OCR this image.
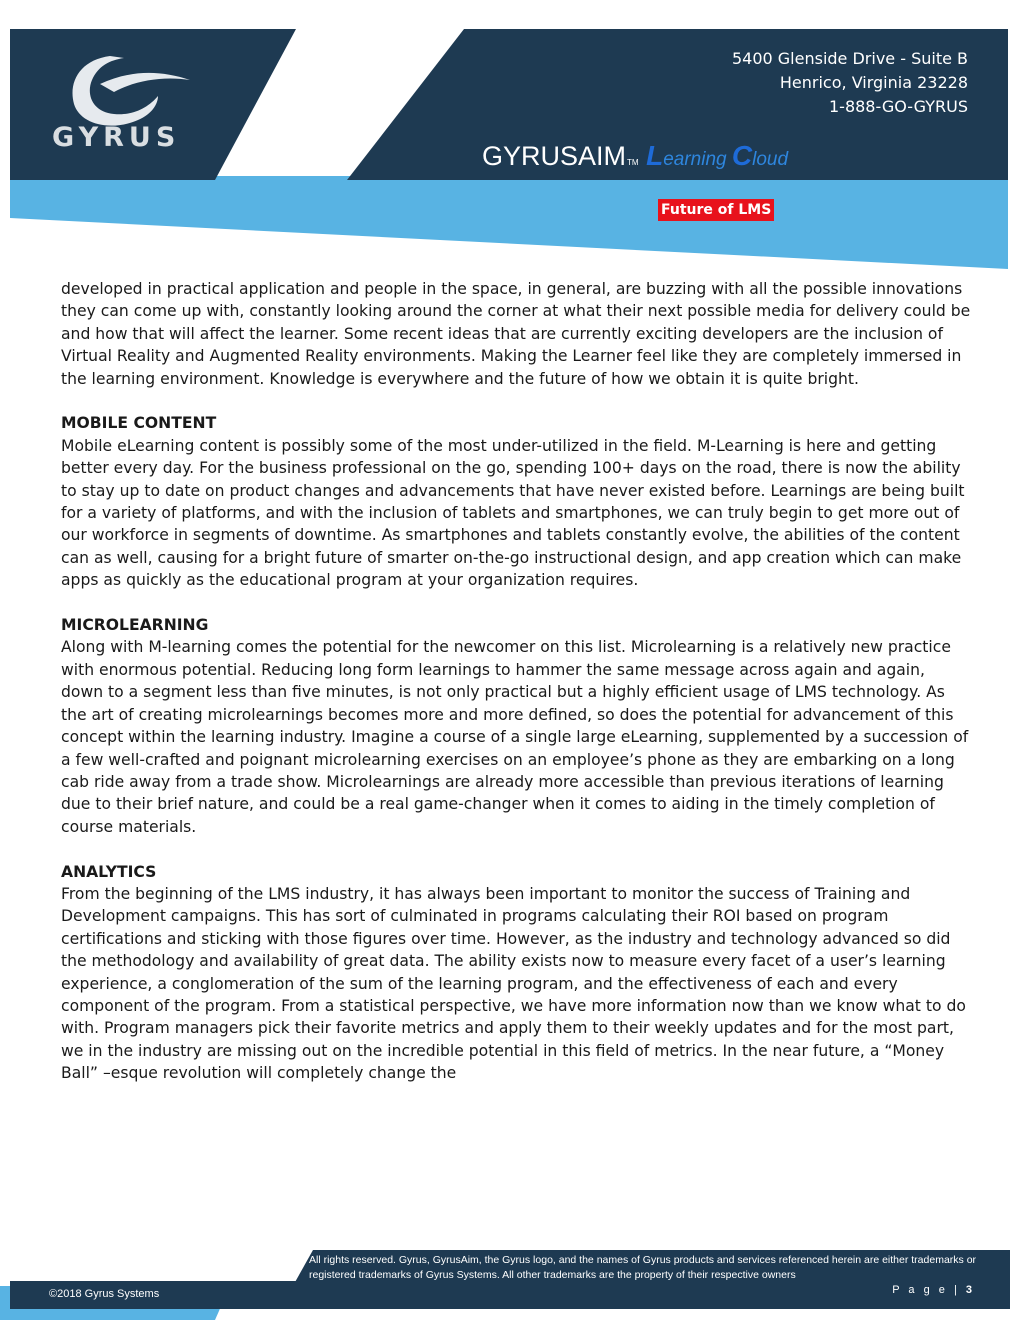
GYRUS
5400 Glenside Drive - Suite B
Henrico, Virginia 23228
1-888-GO-GYRUS
GYRUSAIMTM Learning Cloud
Future of LMS

developed in practical application and people in the space, in general, are buzzing with all the possible innovations they can come up with, constantly looking around the corner at what their next possible media for delivery could be and how that will affect the learner. Some recent ideas that are currently exciting developers are the inclusion of Virtual Reality and Augmented Reality environments. Making the Learner feel like they are completely immersed in the learning environment. Knowledge is everywhere and the future of how we obtain it is quite bright.

MOBILE CONTENT

Mobile eLearning content is possibly some of the most under-utilized in the field. M-Learning is here and getting better every day. For the business professional on the go, spending 100+ days on the road, there is now the ability to stay up to date on product changes and advancements that have never existed before. Learnings are being built for a variety of platforms, and with the inclusion of tablets and smartphones, we can truly begin to get more out of our workforce in segments of downtime. As smartphones and tablets constantly evolve, the abilities of the content can as well, causing for a bright future of smarter on-the-go instructional design, and app creation which can make apps as quickly as the educational program at your organization requires.

MICROLEARNING

Along with M-learning comes the potential for the newcomer on this list. Microlearning is a relatively new practice with enormous potential. Reducing long form learnings to hammer the same message across again and again, down to a segment less than five minutes, is not only practical but a highly efficient usage of LMS technology. As the art of creating microlearnings becomes more and more defined, so does the potential for advancement of this concept within the learning industry. Imagine a course of a single large eLearning, supplemented by a succession of a few well-crafted and poignant microlearning exercises on an employee’s phone as they are embarking on a long cab ride away from a trade show. Microlearnings are already more accessible than previous iterations of learning due to their brief nature, and could be a real game-changer when it comes to aiding in the timely completion of course materials.

ANALYTICS

From the beginning of the LMS industry, it has always been important to monitor the success of Training and Development campaigns. This has sort of culminated in programs calculating their ROI based on program certifications and sticking with those figures over time. However, as the industry and technology advanced so did the methodology and availability of great data. The ability exists now to measure every facet of a user’s learning experience, a conglomeration of the sum of the learning program, and the effectiveness of each and every component of the program. From a statistical perspective, we have more information now than we know what to do with. Program managers pick their favorite metrics and apply them to their weekly updates and for the most part, we in the industry are missing out on the incredible potential in this field of metrics. In the near future, a “Money Ball” –esque revolution will completely change the

©2018 Gyrus Systems
All rights reserved. Gyrus, GyrusAim, the Gyrus logo, and the names of Gyrus products and services referenced herein are either trademarks or registered trademarks of Gyrus Systems. All other trademarks are the property of their respective owners
P a g e | 3
